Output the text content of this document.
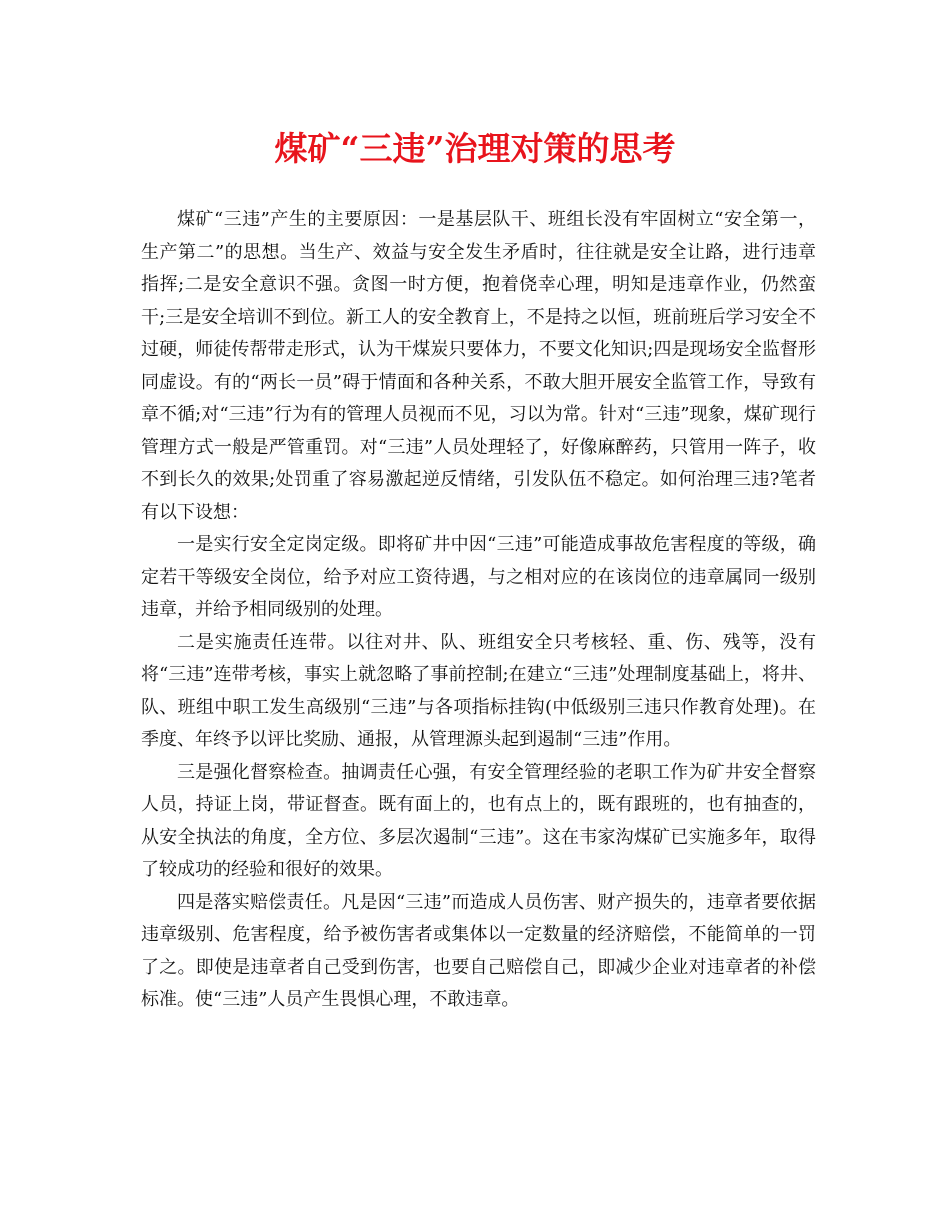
煤矿“三违”治理对策的思考

煤矿“三违”产生的主要原因：一是基层队干、班组长没有牢固树立“安全第一，生产第二”的思想。当生产、效益与安全发生矛盾时，往往就是安全让路，进行违章指挥;二是安全意识不强。贪图一时方便，抱着侥幸心理，明知是违章作业，仍然蛮干;三是安全培训不到位。新工人的安全教育上，不是持之以恒，班前班后学习安全不过硬，师徒传帮带走形式，认为干煤炭只要体力，不要文化知识;四是现场安全监督形同虚设。有的“两长一员”碍于情面和各种关系，不敢大胆开展安全监管工作，导致有章不循;对“三违”行为有的管理人员视而不见，习以为常。针对“三违”现象，煤矿现行管理方式一般是严管重罚。对“三违”人员处理轻了，好像麻醉药，只管用一阵子，收不到长久的效果;处罚重了容易激起逆反情绪，引发队伍不稳定。如何治理三违?笔者有以下设想：

一是实行安全定岗定级。即将矿井中因“三违”可能造成事故危害程度的等级，确定若干等级安全岗位，给予对应工资待遇，与之相对应的在该岗位的违章属同一级别违章，并给予相同级别的处理。

二是实施责任连带。以往对井、队、班组安全只考核轻、重、伤、残等，没有将“三违”连带考核，事实上就忽略了事前控制;在建立“三违”处理制度基础上，将井、队、班组中职工发生高级别“三违”与各项指标挂钩(中低级别三违只作教育处理)。在季度、年终予以评比奖励、通报，从管理源头起到遏制“三违”作用。

三是强化督察检查。抽调责任心强，有安全管理经验的老职工作为矿井安全督察人员，持证上岗，带证督查。既有面上的，也有点上的，既有跟班的，也有抽查的，从安全执法的角度，全方位、多层次遏制“三违”。这在韦家沟煤矿已实施多年，取得了较成功的经验和很好的效果。

四是落实赔偿责任。凡是因“三违”而造成人员伤害、财产损失的，违章者要依据违章级别、危害程度，给予被伤害者或集体以一定数量的经济赔偿，不能简单的一罚了之。即使是违章者自己受到伤害，也要自己赔偿自己，即减少企业对违章者的补偿标准。使“三违”人员产生畏惧心理，不敢违章。
